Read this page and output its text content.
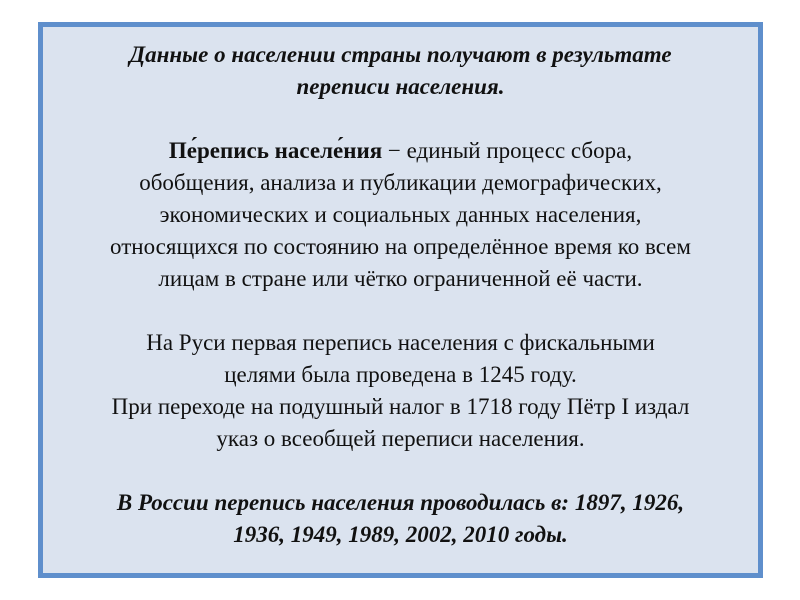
Данные о населении страны получают в результате
переписи населения.

Пе́репись населе́ния − единый процесс сбора,
обобщения, анализа и публикации демографических,
экономических и социальных данных населения,
относящихся по состоянию на определённое время ко всем
лицам в стране или чётко ограниченной её части.

На Руси первая перепись населения с фискальными
целями была проведена в 1245 году.
При переходе на подушный налог в 1718 году Пётр I издал
указ о всеобщей переписи населения.

В России перепись населения проводилась в: 1897, 1926,
1936, 1949, 1989, 2002, 2010 годы.
